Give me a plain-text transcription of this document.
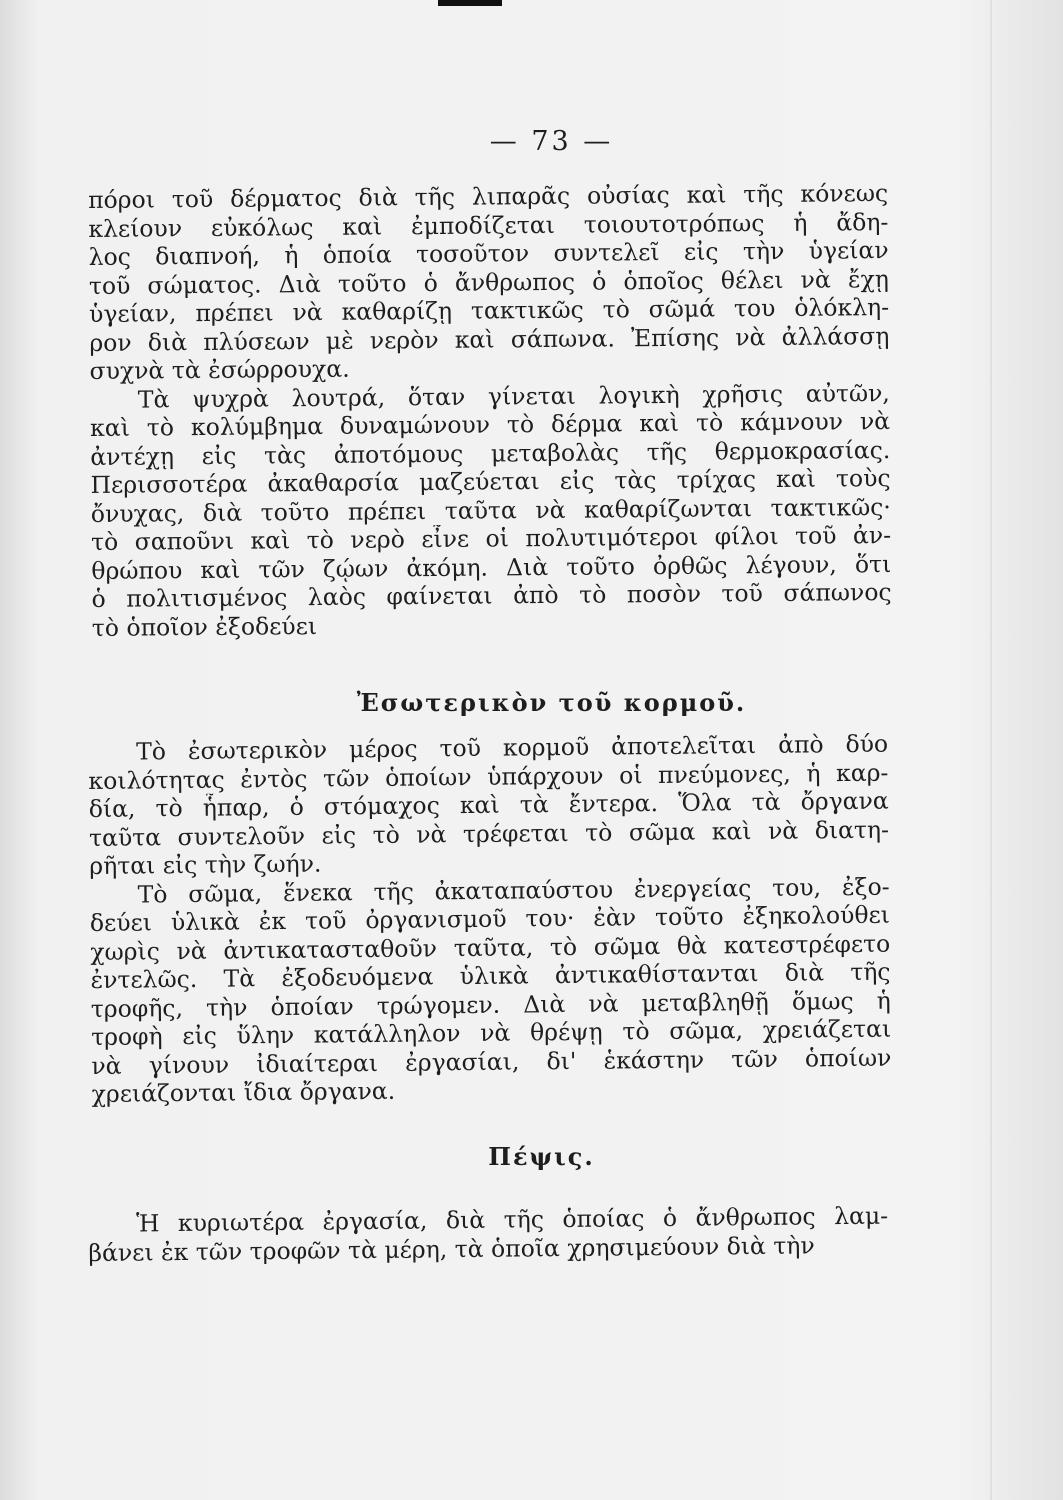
— 73 —
πόροι τοῦ δέρματος διὰ τῆς λιπαρᾶς οὐσίας καὶ τῆς κόνεως
κλείουν εὐκόλως καὶ ἐμποδίζεται τοιουτοτρόπως ἡ ἄδη-
λος διαπνοή, ἡ ὁποία τοσοῦτον συντελεῖ εἰς τὴν ὑγείαν
τοῦ σώματος. Διὰ τοῦτο ὁ ἄνθρωπος ὁ ὁποῖος θέλει νὰ ἔχῃ
ὑγείαν, πρέπει νὰ καθαρίζῃ τακτικῶς τὸ σῶμά του ὁλόκλη-
ρον διὰ πλύσεων μὲ νερὸν καὶ σάπωνα. Ἐπίσης νὰ ἀλλάσσῃ
συχνὰ τὰ ἐσώρρουχα.
Τὰ ψυχρὰ λουτρά, ὅταν γίνεται λογικὴ χρῆσις αὐτῶν,
καὶ τὸ κολύμβημα δυναμώνουν τὸ δέρμα καὶ τὸ κάμνουν νὰ
ἀντέχῃ εἰς τὰς ἀποτόμους μεταβολὰς τῆς θερμοκρασίας.
Περισσοτέρα ἀκαθαρσία μαζεύεται εἰς τὰς τρίχας καὶ τοὺς
ὄνυχας, διὰ τοῦτο πρέπει ταῦτα νὰ καθαρίζωνται τακτικῶς·
τὸ σαποῦνι καὶ τὸ νερὸ εἶνε οἱ πολυτιμότεροι φίλοι τοῦ ἀν-
θρώπου καὶ τῶν ζῴων ἀκόμη. Διὰ τοῦτο ὀρθῶς λέγουν, ὅτι
ὁ πολιτισμένος λαὸς φαίνεται ἀπὸ τὸ ποσὸν τοῦ σάπωνος
τὸ ὁποῖον ἐξοδεύει
Ἐσωτερικὸν τοῦ κορμοῦ.
Τὸ ἐσωτερικὸν μέρος τοῦ κορμοῦ ἀποτελεῖται ἀπὸ δύο
κοιλότητας ἐντὸς τῶν ὁποίων ὑπάρχουν οἱ πνεύμονες, ἡ καρ-
δία, τὸ ἧπαρ, ὁ στόμαχος καὶ τὰ ἔντερα. Ὅλα τὰ ὄργανα
ταῦτα συντελοῦν εἰς τὸ νὰ τρέφεται τὸ σῶμα καὶ νὰ διατη-
ρῆται εἰς τὴν ζωήν.
Τὸ σῶμα, ἕνεκα τῆς ἀκαταπαύστου ἐνεργείας του, ἐξο-
δεύει ὑλικὰ ἐκ τοῦ ὀργανισμοῦ του· ἐὰν τοῦτο ἐξηκολούθει
χωρὶς νὰ ἀντικατασταθοῦν ταῦτα, τὸ σῶμα θὰ κατεστρέφετο
ἐντελῶς. Τὰ ἐξοδευόμενα ὑλικὰ ἀντικαθίστανται διὰ τῆς
τροφῆς, τὴν ὁποίαν τρώγομεν. Διὰ νὰ μεταβληθῇ ὅμως ἡ
τροφὴ εἰς ὕλην κατάλληλον νὰ θρέψῃ τὸ σῶμα, χρειάζεται
νὰ γίνουν ἰδιαίτεραι ἐργασίαι, δι' ἑκάστην τῶν ὁποίων
χρειάζονται ἴδια ὄργανα.
Πέψις.
Ἡ κυριωτέρα ἐργασία, διὰ τῆς ὁποίας ὁ ἄνθρωπος λαμ-
βάνει ἐκ τῶν τροφῶν τὰ μέρη, τὰ ὁποῖα χρησιμεύουν διὰ τὴν
